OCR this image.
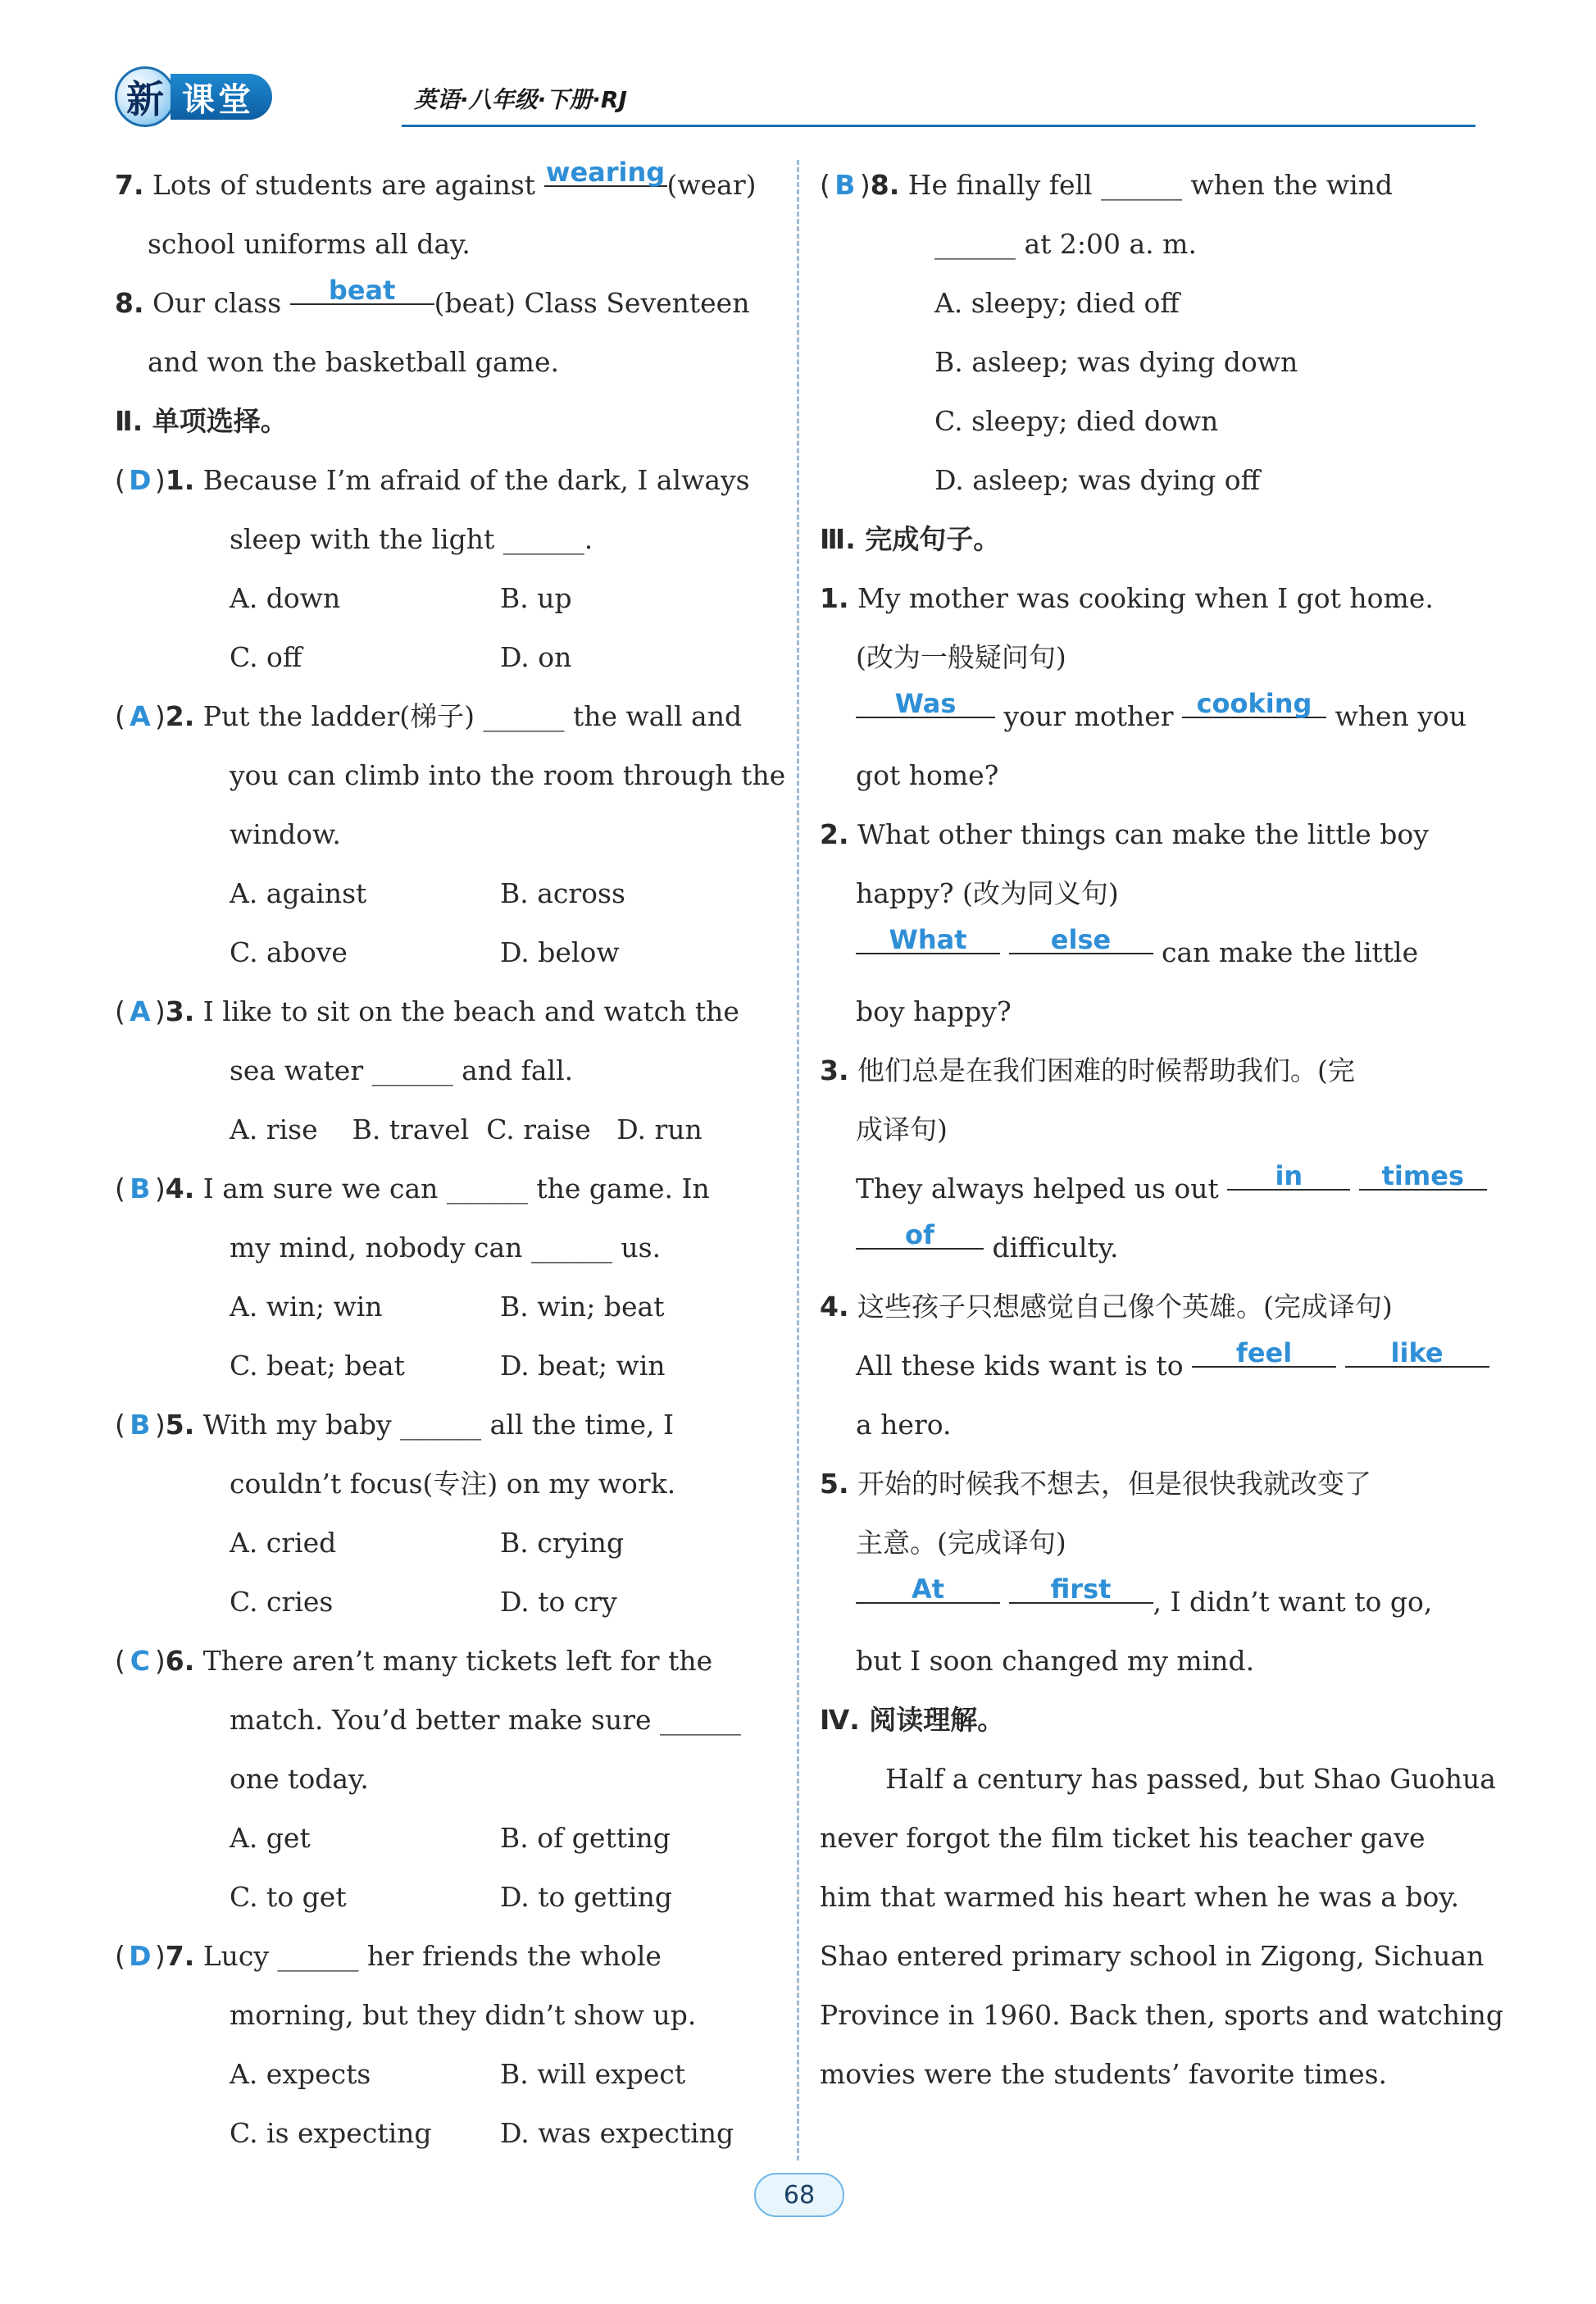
新 课堂	英语·八年级·下册·RJ
7. Lots of students are against wearing(wear)
school uniforms all day.
8. Our class beat (beat) Class Seventeen
and won the basketball game.
Ⅱ. 单项选择。
( D )1. Because I’m afraid of the dark, I always
sleep with the light ______.
A. down	B. up
C. off	D. on
( A )2. Put the ladder(梯子) ______ the wall and
you can climb into the room through the
window.
A. against	B. across
C. above	D. below
( A )3. I like to sit on the beach and watch the
sea water ______ and fall.
A. rise    B. travel  C. raise   D. run
( B )4. I am sure we can ______ the game. In
my mind, nobody can ______ us.
A. win; win	B. win; beat
C. beat; beat	D. beat; win
( B )5. With my baby ______ all the time, I
couldn’t focus(专注) on my work.
A. cried	B. crying
C. cries	D. to cry
( C )6. There aren’t many tickets left for the
match. You’d better make sure ______
one today.
A. get	B. of getting
C. to get	D. to getting
( D )7. Lucy ______ her friends the whole
morning, but they didn’t show up.
A. expects	B. will expect
C. is expecting	D. was expecting
( B )8. He finally fell ______ when the wind
______ at 2:00 a. m.
A. sleepy; died off
B. asleep; was dying down
C. sleepy; died down
D. asleep; was dying off
Ⅲ. 完成句子。
1. My mother was cooking when I got home.
(改为一般疑问句)
Was your mother cooking when you
got home?
2. What other things can make the little boy
happy? (改为同义句)
What	else can make the little
boy happy?
3. 他们总是在我们困难的时候帮助我们。(完
成译句)
They always helped us out in	times
of difficulty.
4. 这些孩子只想感觉自己像个英雄。(完成译句)
All these kids want is to feel	like
a hero.
5. 开始的时候我不想去，但是很快我就改变了
主意。(完成译句)
At	first , I didn’t want to go,
but I soon changed my mind.
Ⅳ. 阅读理解。
Half a century has passed, but Shao Guohua
never forgot the film ticket his teacher gave
him that warmed his heart when he was a boy.
Shao entered primary school in Zigong, Sichuan
Province in 1960. Back then, sports and watching
movies were the students’ favorite times.
68
